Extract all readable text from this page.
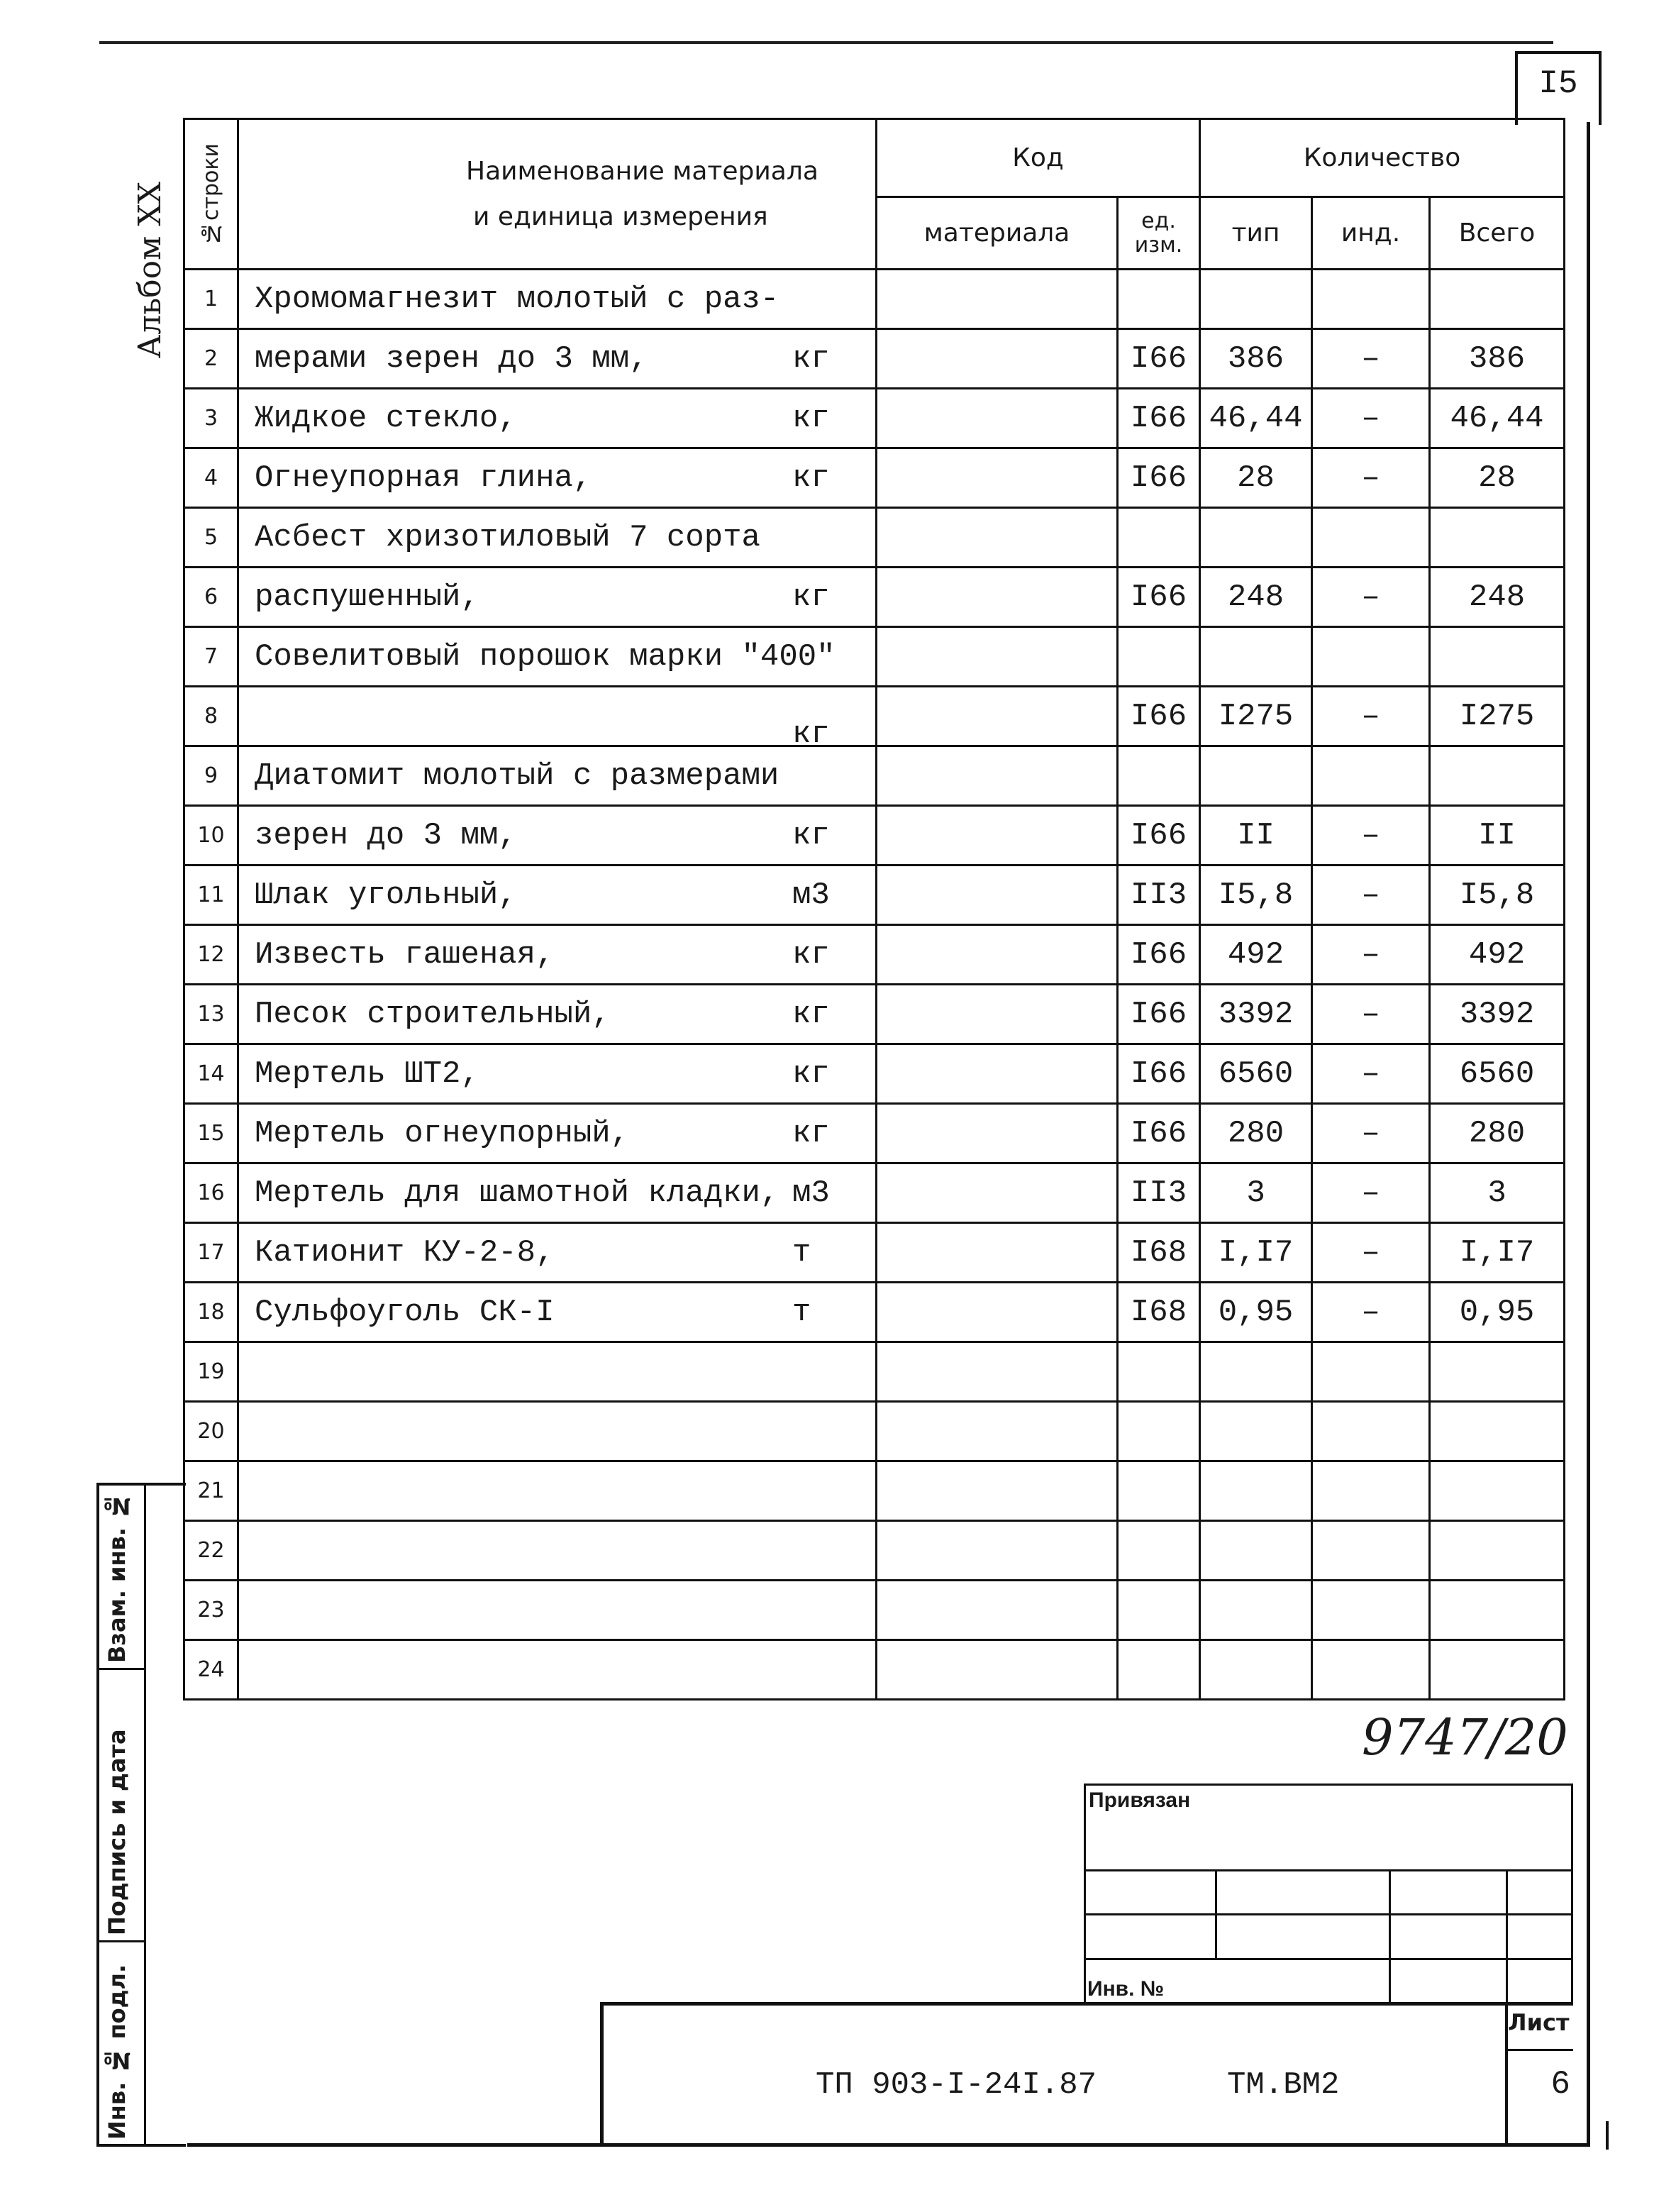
I5
Альбом XX №строки	Наименование материала
и единица измерения	Код		Количество		
		материала	ед. изм.	тип	инд.	Всего
1	Хромомагнезит молотый с раз-

2	мерами зерен до 3 мм, кг		I66	386	–	386
3	Жидкое стекло, кг		I66	46,44	–	46,44
4	Огнеупорная глина, кг		I66	28	–	28
5	Асбест хризотиловый 7 сорта

6	распушенный, кг		I66	248	–	248
7	Совелитовый порошок марки "400"

8	кг		I66	I275	–	I275
9	Диатомит молотый с размерами

10	зерен до 3 мм, кг		I66	II	–	II
11	Шлак угольный, м3		II3	I5,8	–	I5,8
12	Известь гашеная, кг		I66	492	–	492
13	Песок строительный, кг		I66	3392	–	3392
14	Мертель ШТ2, кг		I66	6560	–	6560
15	Мертель огнеупорный, кг		I66	280	–	280
16	Мертель для шамотной кладки, м3		II3	3	–	3
17	Катионит КУ-2-8, т		I68	I,I7	–	I,I7
18	Сульфоуголь СК-I т		I68	0,95	–	0,95
19	

20	

21	

22	

23	

24	

Взам. инв. №
Подпись и дата
Инв. № подл.
9747/20
Привязан			

Инв. №			
ТП 903-I-24I.87	ТМ.ВМ2
Лист
6
